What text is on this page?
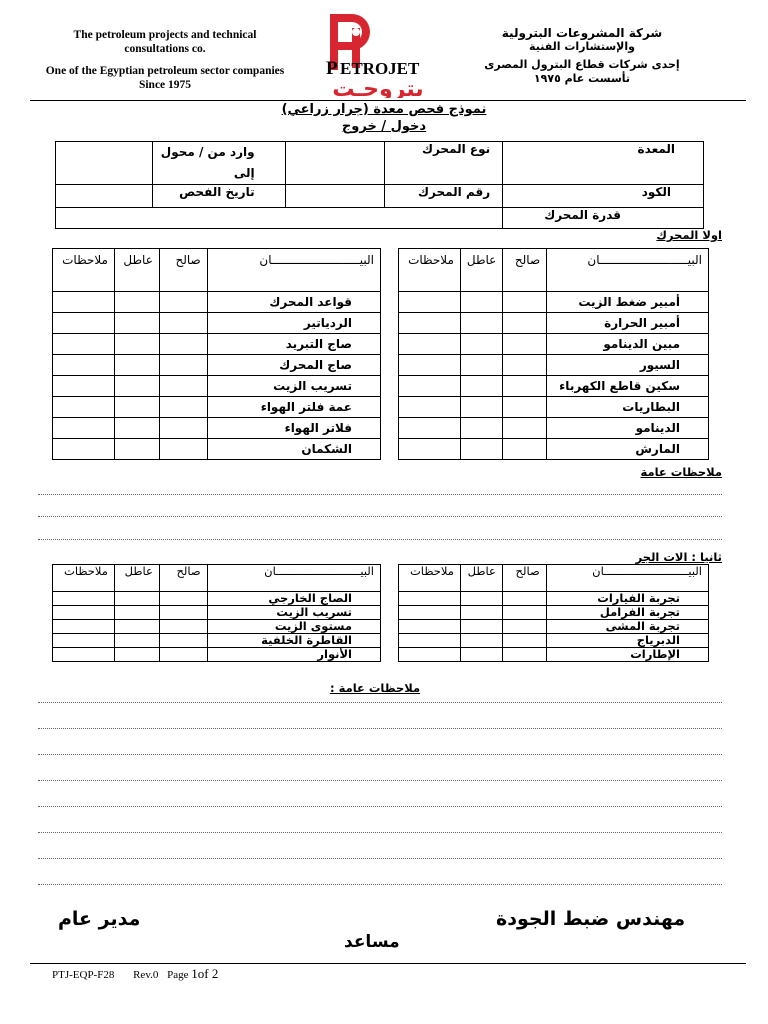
The petroleum projects and technical
consultations co.
One of the Egyptian petroleum sector companies
Since 1975
P ETROJET
بتروجـت
شركة المشروعات البترولية
والإستشارات الفنية
إحدى شركات قطاع البترول المصرى
تأسست عام ١٩٧٥
نموذج فحص معدة (جرار زراعي)
دخول / خروج
	وارد من / محول إلى		نوع المحرك	المعدة
	تاريخ الفحص		رقم المحرك	الكود
				قدرة المحرك
اولا المحرك
ملاحظات	عاطل	صالح	البيـــــــــــــــــــــــــان
			أمبير ضغط الزيت
			أمبير الحرارة
			مبين الدينامو
			السيور
			سكين قاطع الكهرباء
			البطاريات
			الدينامو
			المارش
ملاحظات	عاطل	صالح	البيـــــــــــــــــــــــــان
			قواعد المحرك
			الردياتير
			صاج التبريد
			صاج المحرك
			تسريب الزيت
			عمة فلتر الهواء
			فلاتر الهواء
			الشكمان
ملاحظات عامة
ثانيا : الات الجر
ملاحظات	عاطل	صالح	البيـــــــــــــــــــــــــان
			تجربة الفيارات
			تجربة الفرامل
			تجربة المشى
			الدبرياج
			الإطارات
ملاحظات	عاطل	صالح	البيـــــــــــــــــــــــــان
			الصاج الخارجي
			تسريب الزيت
			مستوى الزيت
			القاطرة الخلفية
			الأنوار
ملاحظات عامة :
مهندس ضبط الجودة
مدير عام
مساعد
PTJ-EQP-F28 Rev.0 Page 1of 2
